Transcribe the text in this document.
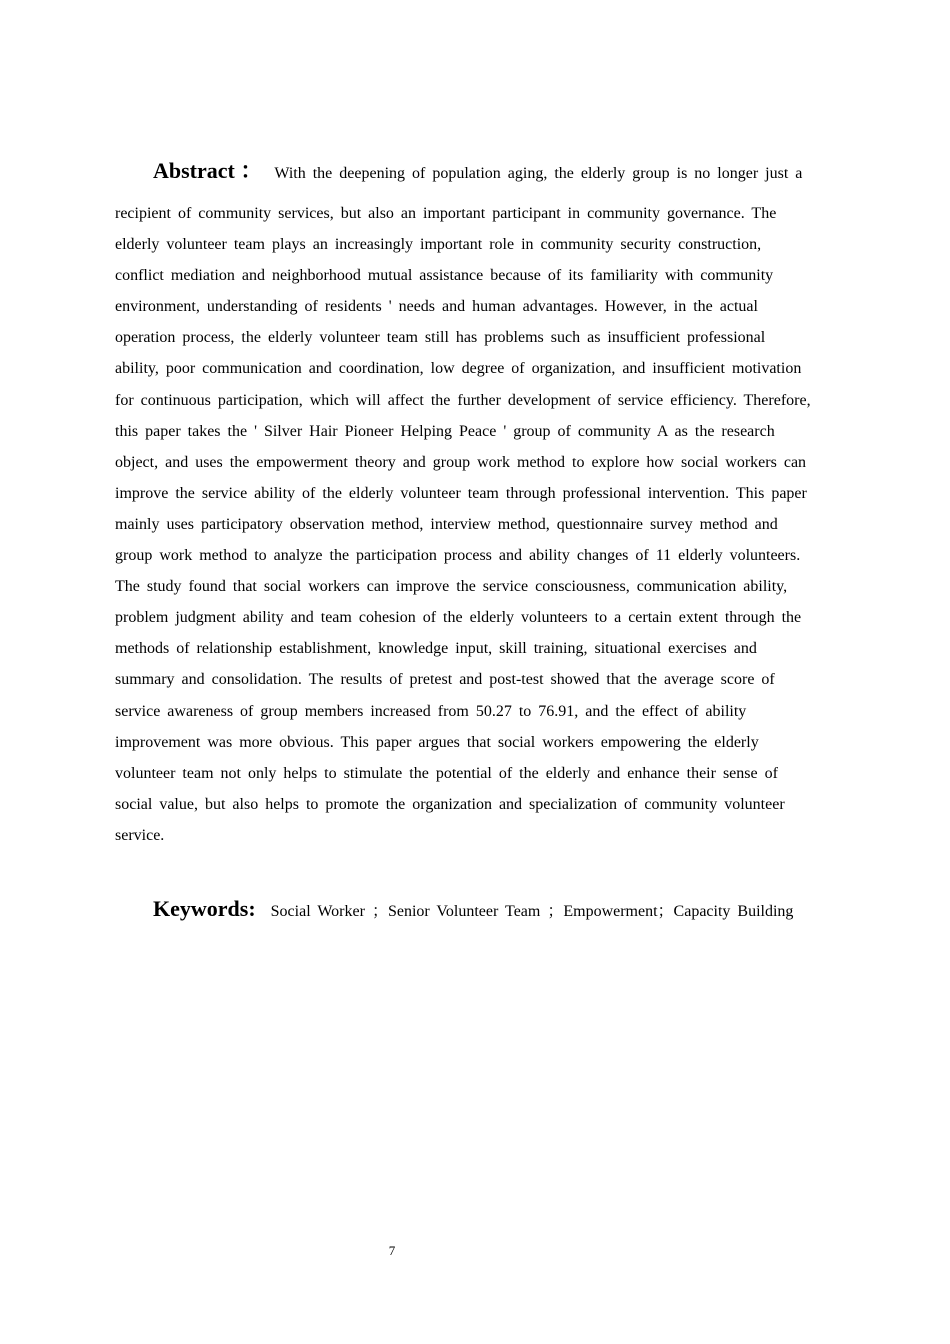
Abstract ： With the deepening of population aging, the elderly group is no longer just a
recipient of community services, but also an important participant in community governance. The
elderly volunteer team plays an increasingly important role in community security construction,
conflict mediation and neighborhood mutual assistance because of its familiarity with community
environment, understanding of residents ' needs and human advantages. However, in the actual
operation process, the elderly volunteer team still has problems such as insufficient professional
ability, poor communication and coordination, low degree of organization, and insufficient motivation
for continuous participation, which will affect the further development of service efficiency. Therefore,
this paper takes the ' Silver Hair Pioneer Helping Peace ' group of community A as the research
object, and uses the empowerment theory and group work method to explore how social workers can
improve the service ability of the elderly volunteer team through professional intervention. This paper
mainly uses participatory observation method, interview method, questionnaire survey method and
group work method to analyze the participation process and ability changes of 11 elderly volunteers.
The study found that social workers can improve the service consciousness, communication ability,
problem judgment ability and team cohesion of the elderly volunteers to a certain extent through the
methods of relationship establishment, knowledge input, skill training, situational exercises and
summary and consolidation. The results of pretest and post-test showed that the average score of
service awareness of group members increased from 50.27 to 76.91, and the effect of ability
improvement was more obvious. This paper argues that social workers empowering the elderly
volunteer team not only helps to stimulate the potential of the elderly and enhance their sense of
social value, but also helps to promote the organization and specialization of community volunteer
service.
Keywords: Social Worker ；Senior Volunteer Team ；Empowerment；Capacity Building
7
